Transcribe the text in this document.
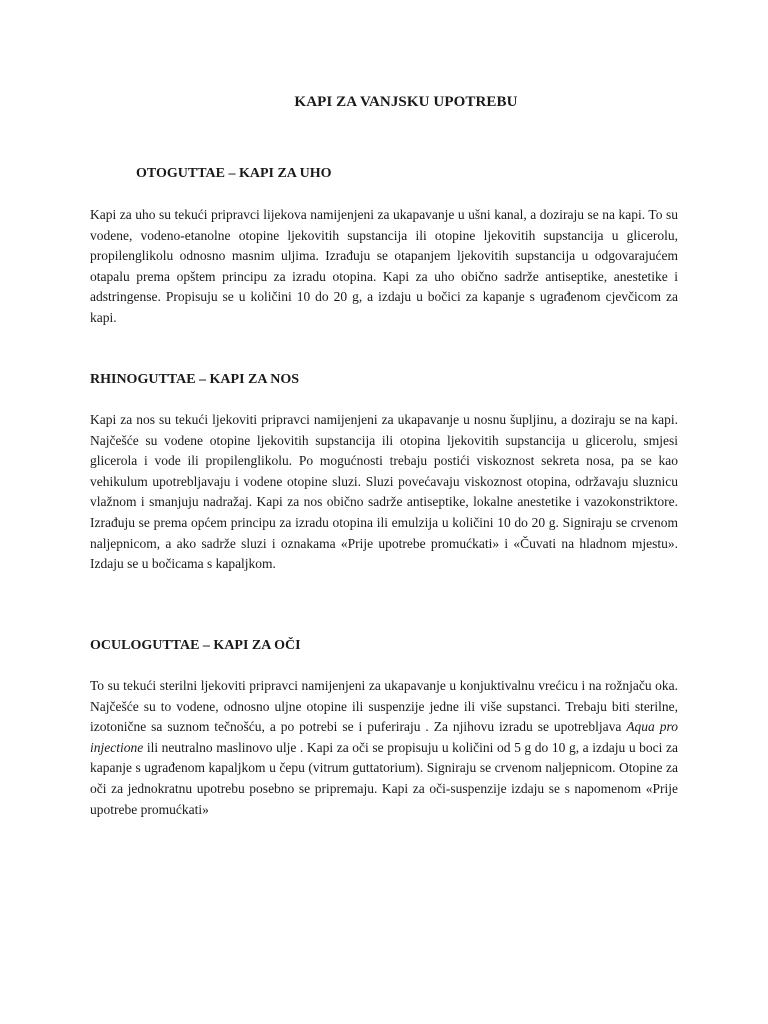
KAPI ZA VANJSKU UPOTREBU
OTOGUTTAE – KAPI ZA UHO

Kapi za uho su tekući pripravci lijekova namijenjeni za ukapavanje u ušni kanal, a doziraju se na kapi. To su vodene, vodeno-etanolne otopine ljekovitih supstancija ili otopine ljekovitih supstancija u glicerolu, propilenglikolu odnosno masnim uljima. Izrađuju se otapanjem ljekovitih supstancija u odgovarajućem otapalu prema opštem principu za izradu otopina. Kapi za uho obično sadrže antiseptike, anestetike i adstringense. Propisuju se u količini 10 do 20 g, a izdaju u bočici za kapanje s ugrađenom cjevčicom za kapi.

RHINOGUTTAE – KAPI ZA NOS

Kapi za nos su tekući ljekoviti pripravci namijenjeni za ukapavanje u nosnu šupljinu, a doziraju se na kapi. Najčešće su vodene otopine ljekovitih supstancija ili otopina ljekovitih supstancija u glicerolu, smjesi glicerola i vode ili propilenglikolu. Po mogućnosti trebaju postići viskoznost sekreta nosa, pa se kao vehikulum upotrebljavaju i vodene otopine sluzi. Sluzi povećavaju viskoznost otopina, održavaju sluznicu vlažnom i smanjuju nadražaj. Kapi za nos obično sadrže antiseptike, lokalne anestetike i vazokonstriktore. Izrađuju se prema općem principu za izradu otopina ili emulzija u količini 10 do 20 g. Signiraju se crvenom naljepnicom, a ako sadrže sluzi i oznakama «Prije upotrebe promućkati» i «Čuvati na hladnom mjestu». Izdaju se u bočicama s kapaljkom.

OCULOGUTTAE – KAPI ZA OČI

To su tekući sterilni ljekoviti pripravci namijenjeni za ukapavanje u konjuktivalnu vrećicu i na rožnjaču oka. Najčešće su to vodene, odnosno uljne otopine ili suspenzije jedne ili više supstanci. Trebaju biti sterilne, izotonične sa suznom tečnošću, a po potrebi se i puferiraju . Za njihovu izradu se upotrebljava Aqua pro injectione ili neutralno maslinovo ulje . Kapi za oči se propisuju u količini od 5 g do 10 g, a izdaju u boci za kapanje s ugrađenom kapaljkom u čepu (vitrum guttatorium). Signiraju se crvenom naljepnicom. Otopine za oči za jednokratnu upotrebu posebno se pripremaju. Kapi za oči-suspenzije izdaju se s napomenom «Prije upotrebe promućkati»
